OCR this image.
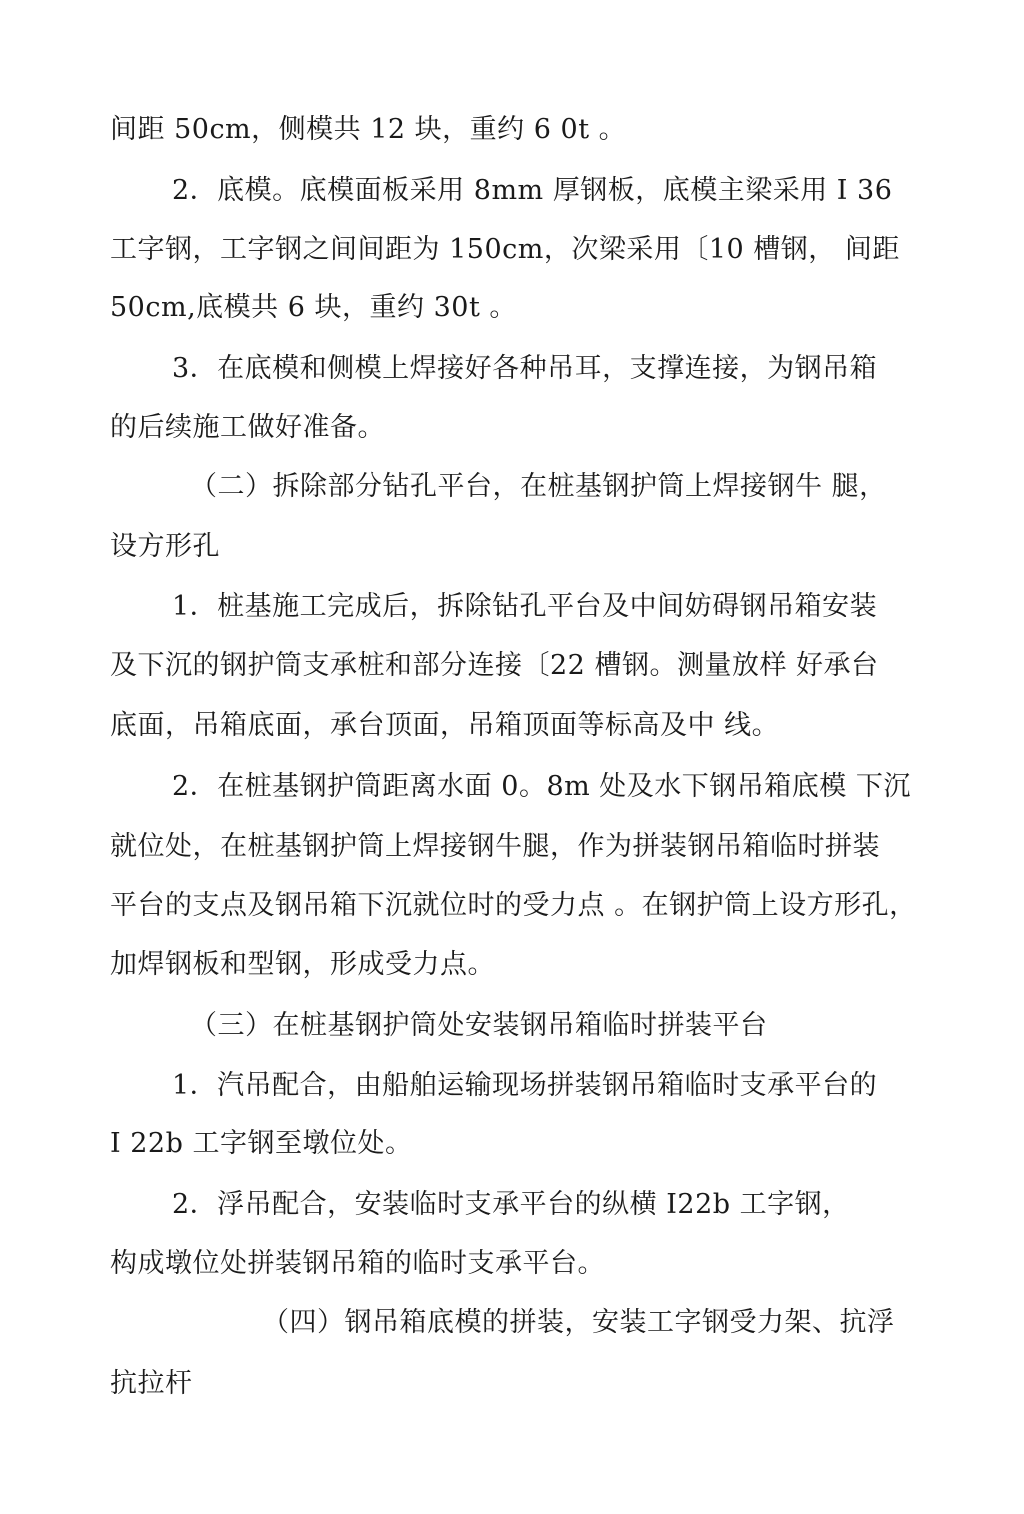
间距 50cm，侧模共 12 块，重约 6 0t 。
2．底模。底模面板采用 8mm 厚钢板，底模主梁采用 I 36
工字钢，工字钢之间间距为 150cm，次梁采用〔10 槽钢， 间距
50cm,底模共 6 块，重约 30t 。
3．在底模和侧模上焊接好各种吊耳，支撑连接，为钢吊箱
的后续施工做好准备。
（二）拆除部分钻孔平台，在桩基钢护筒上焊接钢牛 腿，
设方形孔
1．桩基施工完成后，拆除钻孔平台及中间妨碍钢吊箱安装
及下沉的钢护筒支承桩和部分连接〔22 槽钢。测量放样 好承台
底面，吊箱底面，承台顶面，吊箱顶面等标高及中 线。
2．在桩基钢护筒距离水面 0。8m 处及水下钢吊箱底模 下沉
就位处，在桩基钢护筒上焊接钢牛腿，作为拼装钢吊箱临时拼装
平台的支点及钢吊箱下沉就位时的受力点 。在钢护筒上设方形孔，
加焊钢板和型钢，形成受力点。
（三）在桩基钢护筒处安装钢吊箱临时拼装平台
1．汽吊配合，由船舶运输现场拼装钢吊箱临时支承平台的
I 22b 工字钢至墩位处。
2．浮吊配合，安装临时支承平台的纵横 I22b 工字钢，
构成墩位处拼装钢吊箱的临时支承平台。
（四）钢吊箱底模的拼装，安装工字钢受力架、抗浮
抗拉杆
